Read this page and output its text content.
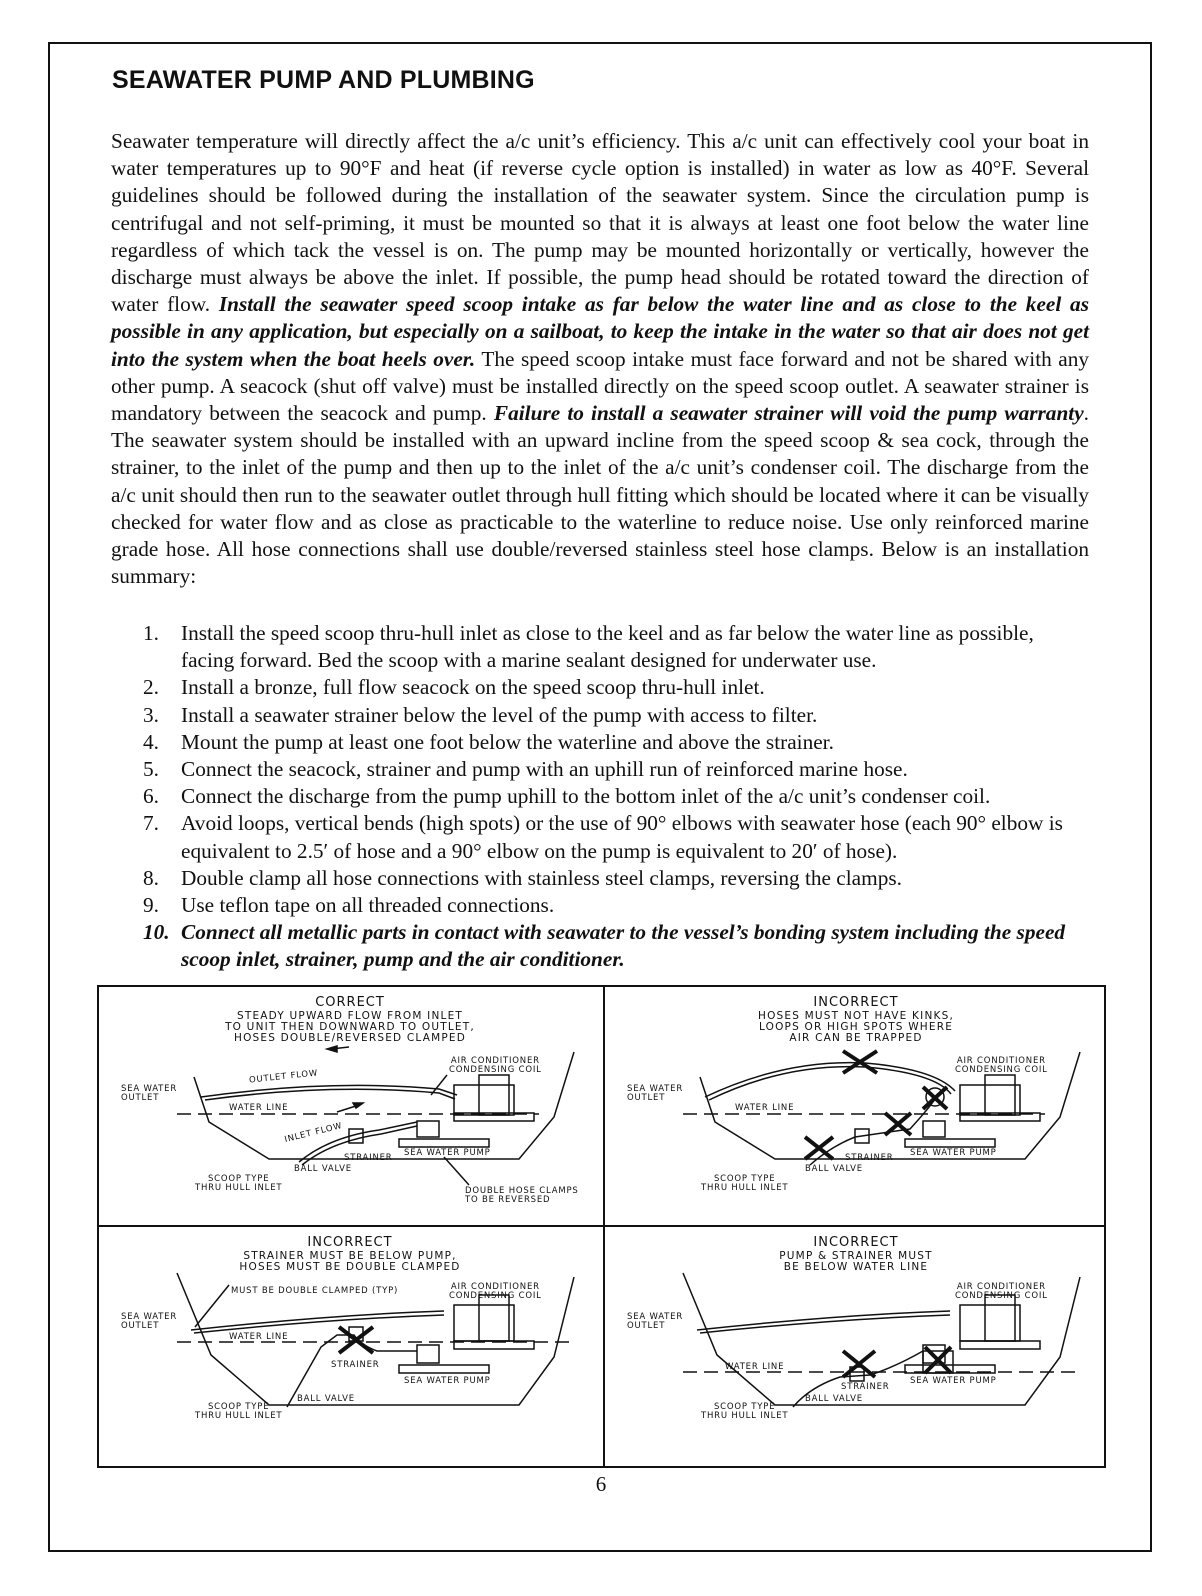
SEAWATER PUMP AND PLUMBING

Seawater temperature will directly affect the a/c unit’s efficiency. This a/c unit can effectively cool your boat in water temperatures up to 90°F and heat (if reverse cycle option is installed) in water as low as 40°F. Several guidelines should be followed during the installation of the seawater system. Since the circulation pump is centrifugal and not self-priming, it must be mounted so that it is always at least one foot below the water line regardless of which tack the vessel is on. The pump may be mounted horizontally or vertically, however the discharge must always be above the inlet. If possible, the pump head should be rotated toward the direction of water flow. Install the seawater speed scoop intake as far below the water line and as close to the keel as possible in any application, but especially on a sailboat, to keep the intake in the water so that air does not get into the system when the boat heels over. The speed scoop intake must face forward and not be shared with any other pump. A seacock (shut off valve) must be installed directly on the speed scoop outlet. A seawater strainer is mandatory between the seacock and pump. Failure to install a seawater strainer will void the pump warranty. The seawater system should be installed with an upward incline from the speed scoop & sea cock, through the strainer, to the inlet of the pump and then up to the inlet of the a/c unit’s condenser coil. The discharge from the a/c unit should then run to the seawater outlet through hull fitting which should be located where it can be visually checked for water flow and as close as practicable to the waterline to reduce noise. Use only reinforced marine grade hose. All hose connections shall use double/reversed stainless steel hose clamps. Below is an installation summary:

1. Install the speed scoop thru-hull inlet as close to the keel and as far below the water line as possible, facing forward. Bed the scoop with a marine sealant designed for underwater use.
2. Install a bronze, full flow seacock on the speed scoop thru-hull inlet.
3. Install a seawater strainer below the level of the pump with access to filter.
4. Mount the pump at least one foot below the waterline and above the strainer.
5. Connect the seacock, strainer and pump with an uphill run of reinforced marine hose.
6. Connect the discharge from the pump uphill to the bottom inlet of the a/c unit’s condenser coil.
7. Avoid loops, vertical bends (high spots) or the use of 90° elbows with seawater hose (each 90° elbow is equivalent to 2.5′ of hose and a 90° elbow on the pump is equivalent to 20′ of hose).
8. Double clamp all hose connections with stainless steel clamps, reversing the clamps.
9. Use teflon tape on all threaded connections.
10. Connect all metallic parts in contact with seawater to the vessel’s bonding system including the speed scoop inlet, strainer, pump and the air conditioner.
CORRECT
STEADY UPWARD FLOW FROM INLET
TO UNIT THEN DOWNWARD TO OUTLET,
HOSES DOUBLE/REVERSED CLAMPED
AIR CONDITIONER
CONDENSING COIL
SEA WATER
OUTLET
OUTLET FLOW
WATER LINE
INLET FLOW
STRAINER
BALL VALVE
SEA WATER PUMP
SCOOP TYPE
THRU HULL INLET	DOUBLE HOSE CLAMPS
TO BE REVERSED
INCORRECT
HOSES MUST NOT HAVE KINKS,
LOOPS OR HIGH SPOTS WHERE
AIR CAN BE TRAPPED
AIR CONDITIONER
CONDENSING COIL
SEA WATER
OUTLET
WATER LINE
STRAINER
BALL VALVE
SEA WATER PUMP
SCOOP TYPE
THRU HULL INLET
INCORRECT
STRAINER MUST BE BELOW PUMP,
HOSES MUST BE DOUBLE CLAMPED
MUST BE DOUBLE CLAMPED (TYP)	AIR CONDITIONER
CONDENSING COIL
SEA WATER
OUTLET
WATER LINE
STRAINER
SEA WATER PUMP
BALL VALVE
SCOOP TYPE
THRU HULL INLET
INCORRECT
PUMP & STRAINER MUST
BE BELOW WATER LINE
AIR CONDITIONER
CONDENSING COIL
SEA WATER
OUTLET
WATER LINE
STRAINER
SEA WATER PUMP
BALL VALVE
SCOOP TYPE
THRU HULL INLET
6
